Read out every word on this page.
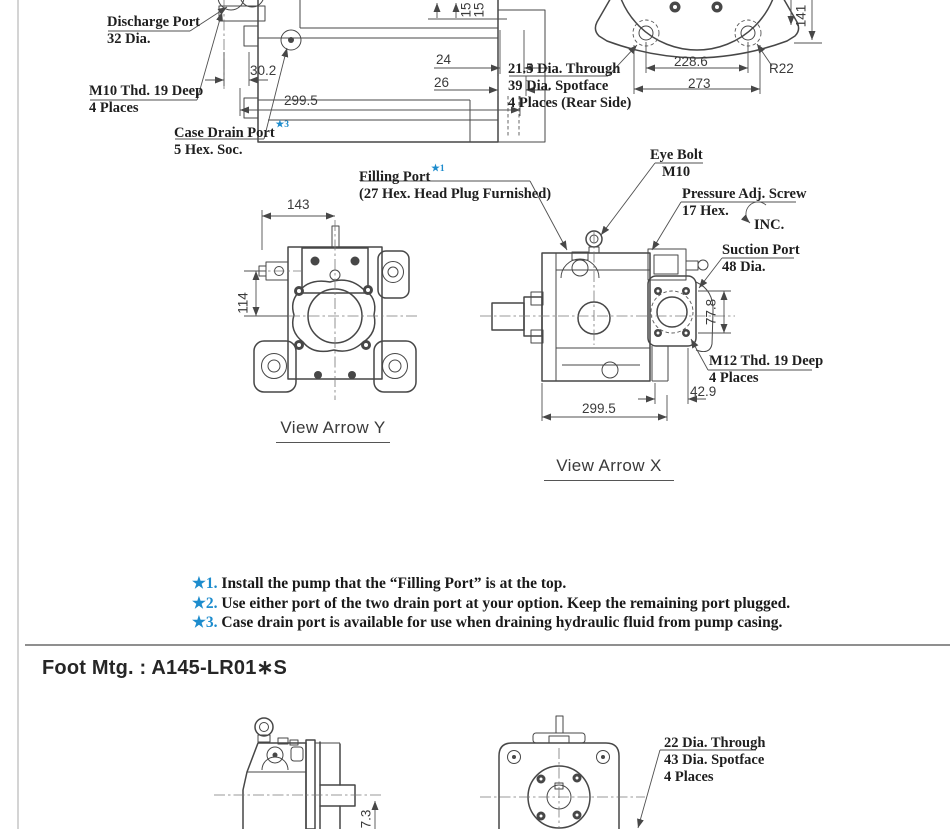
Discharge Port
32 Dia.
M10 Thd. 19 Deep
4 Places
Case Drain Port$^{★3}$
5 Hex. Soc.
21.5 Dia. Through
39 Dia. Spotface
4 Places (Rear Side)
Filling Port$^{★1}$
(27 Hex. Head Plug Furnished)
Eye Bolt
M10
Pressure Adj. Screw
17 Hex.
INC.
Suction Port
48 Dia.
M12 Thd. 19 Deep
4 Places
22 Dia. Through
43 Dia. Spotface
4 Places
30.2
24
26
299.5
15
15
228.6
273
R22
141
143
114	77.8
42.9
299.5
7.3
View Arrow Y
View Arrow X
★1. Install the pump that the “Filling Port” is at the top.
★2. Use either port of the two drain port at your option. Keep the remaining port plugged.
★3. Case drain port is available for use when draining hydraulic fluid from pump casing.
Foot Mtg. : A145-LR01∗S
